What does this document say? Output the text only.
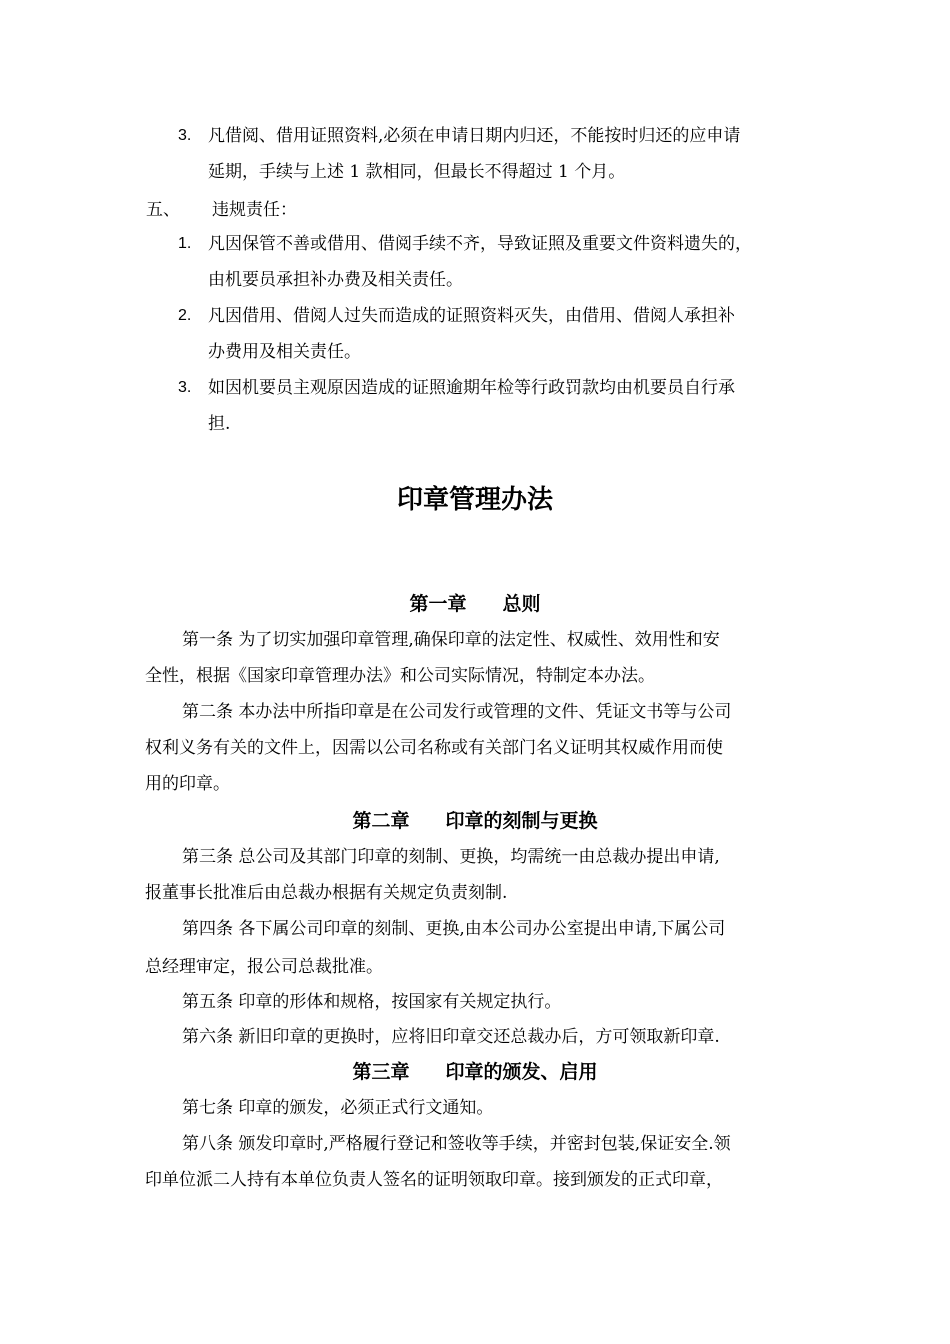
3. 凡借阅、借用证照资料,必须在申请日期内归还，不能按时归还的应申请
延期，手续与上述 1 款相同，但最长不得超过 1 个月。
五、 违规责任：
1. 凡因保管不善或借用、借阅手续不齐，导致证照及重要文件资料遗失的，
由机要员承担补办费及相关责任。
2. 凡因借用、借阅人过失而造成的证照资料灭失，由借用、借阅人承担补
办费用及相关责任。
3. 如因机要员主观原因造成的证照逾期年检等行政罚款均由机要员自行承
担.
印章管理办法
第一章 总则
第一条 为了切实加强印章管理,确保印章的法定性、权威性、效用性和安
全性，根据《国家印章管理办法》和公司实际情况，特制定本办法。
第二条 本办法中所指印章是在公司发行或管理的文件、凭证文书等与公司
权利义务有关的文件上，因需以公司名称或有关部门名义证明其权威作用而使
用的印章。
第二章 印章的刻制与更换
第三条 总公司及其部门印章的刻制、更换，均需统一由总裁办提出申请,
报董事长批准后由总裁办根据有关规定负责刻制.
第四条 各下属公司印章的刻制、更换,由本公司办公室提出申请,下属公司
总经理审定，报公司总裁批准。
第五条 印章的形体和规格，按国家有关规定执行。
第六条 新旧印章的更换时，应将旧印章交还总裁办后，方可领取新印章.
第三章 印章的颁发、启用
第七条 印章的颁发，必须正式行文通知。
第八条 颁发印章时,严格履行登记和签收等手续，并密封包装,保证安全.领
印单位派二人持有本单位负责人签名的证明领取印章。接到颁发的正式印章，
